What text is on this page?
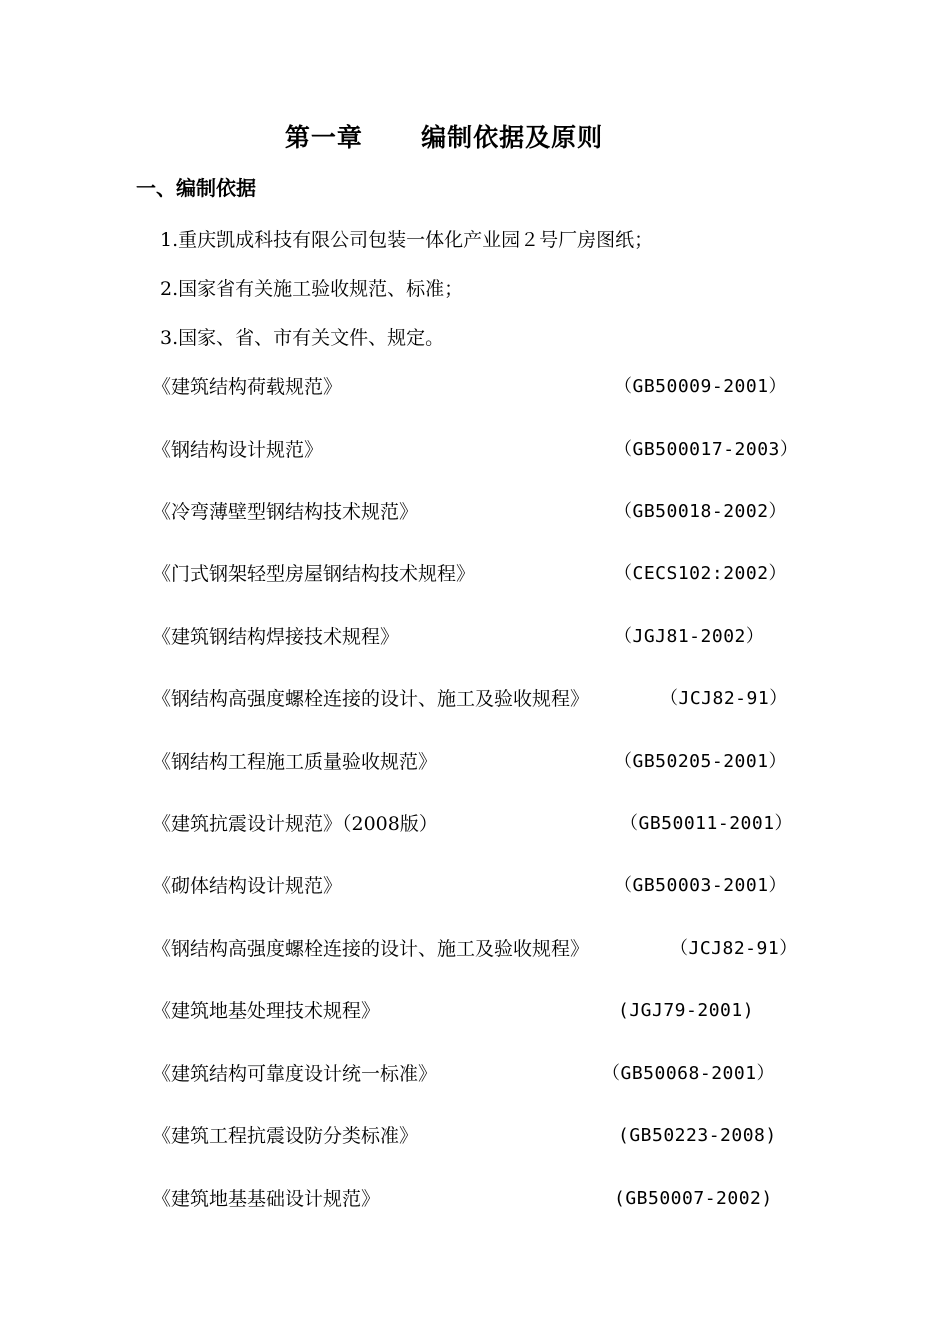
第一章      编制依据及原则
一、编制依据
1.重庆凯成科技有限公司包装一体化产业园２号厂房图纸；
2.国家省有关施工验收规范、标准；
3.国家、省、市有关文件、规定。
《建筑结构荷载规范》	（GB50009-2001）
《钢结构设计规范》	（GB500017-2003）
《冷弯薄壁型钢结构技术规范》	（GB50018-2002）
《门式钢架轻型房屋钢结构技术规程》	（CECS102:2002）
《建筑钢结构焊接技术规程》	（JGJ81-2002）
《钢结构高强度螺栓连接的设计、施工及验收规程》	（JCJ82-91）
《钢结构工程施工质量验收规范》	（GB50205-2001）
《建筑抗震设计规范》（2008版）	（GB50011-2001）
《砌体结构设计规范》	（GB50003-2001）
《钢结构高强度螺栓连接的设计、施工及验收规程》	（JCJ82-91）
《建筑地基处理技术规程》	(JGJ79-2001)
《建筑结构可靠度设计统一标准》	（GB50068-2001）
《建筑工程抗震设防分类标准》	(GB50223-2008)
《建筑地基基础设计规范》	(GB50007-2002)
